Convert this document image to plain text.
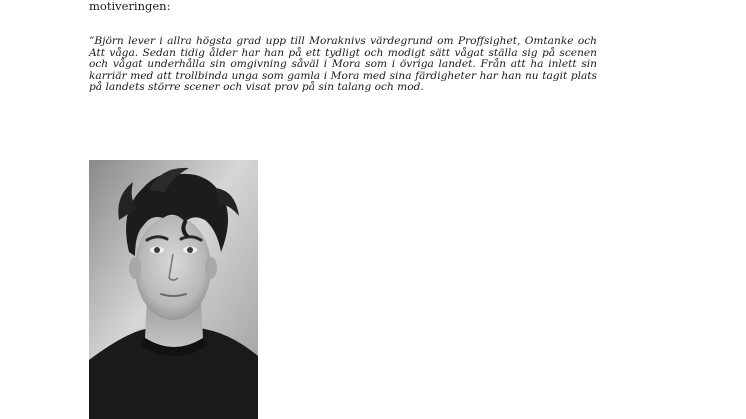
motiveringen:

”Björn lever i allra högsta grad upp till Moraknivs värdegrund om Proffsighet, Omtanke och Att våga. Sedan tidig ålder har han på ett tydligt och modigt sätt vågat ställa sig på scenen och vågat underhålla sin omgivning såväl i Mora som i övriga landet. Från att ha inlett sin karriär med att trollbinda unga som gamla i Mora med sina färdigheter har han nu tagit plats på landets större scener och visat prov på sin talang och mod.
